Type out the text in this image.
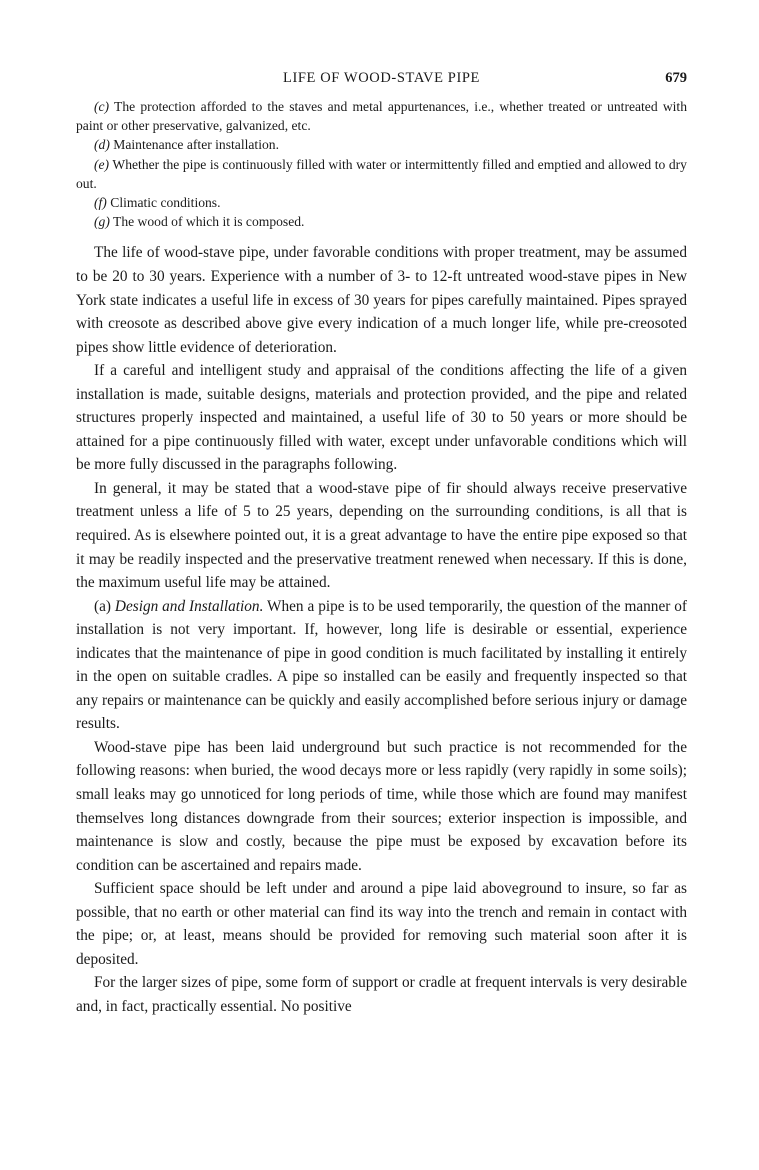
LIFE OF WOOD-STAVE PIPE	679

(c) The protection afforded to the staves and metal appurtenances, i.e., whether treated or untreated with paint or other preservative, galvanized, etc.

(d) Maintenance after installation.

(e) Whether the pipe is continuously filled with water or intermittently filled and emptied and allowed to dry out.

(f) Climatic conditions.

(g) The wood of which it is composed.

The life of wood-stave pipe, under favorable conditions with proper treatment, may be assumed to be 20 to 30 years. Experience with a number of 3- to 12-ft untreated wood-stave pipes in New York state indicates a useful life in excess of 30 years for pipes carefully maintained. Pipes sprayed with creosote as described above give every indication of a much longer life, while pre-creosoted pipes show little evidence of deterioration.

If a careful and intelligent study and appraisal of the conditions affecting the life of a given installation is made, suitable designs, materials and protection provided, and the pipe and related structures properly inspected and maintained, a useful life of 30 to 50 years or more should be attained for a pipe continuously filled with water, except under unfavorable conditions which will be more fully discussed in the paragraphs following.

In general, it may be stated that a wood-stave pipe of fir should always receive preservative treatment unless a life of 5 to 25 years, depending on the surrounding conditions, is all that is required. As is elsewhere pointed out, it is a great advantage to have the entire pipe exposed so that it may be readily inspected and the preservative treatment renewed when necessary. If this is done, the maximum useful life may be attained.

(a) Design and Installation. When a pipe is to be used temporarily, the question of the manner of installation is not very important. If, however, long life is desirable or essential, experience indicates that the maintenance of pipe in good condition is much facilitated by installing it entirely in the open on suitable cradles. A pipe so installed can be easily and frequently inspected so that any repairs or maintenance can be quickly and easily accomplished before serious injury or damage results.

Wood-stave pipe has been laid underground but such practice is not recommended for the following reasons: when buried, the wood decays more or less rapidly (very rapidly in some soils); small leaks may go unnoticed for long periods of time, while those which are found may manifest themselves long distances downgrade from their sources; exterior inspection is impossible, and maintenance is slow and costly, because the pipe must be exposed by excavation before its condition can be ascertained and repairs made.

Sufficient space should be left under and around a pipe laid aboveground to insure, so far as possible, that no earth or other material can find its way into the trench and remain in contact with the pipe; or, at least, means should be provided for removing such material soon after it is deposited.

For the larger sizes of pipe, some form of support or cradle at frequent intervals is very desirable and, in fact, practically essential. No positive
